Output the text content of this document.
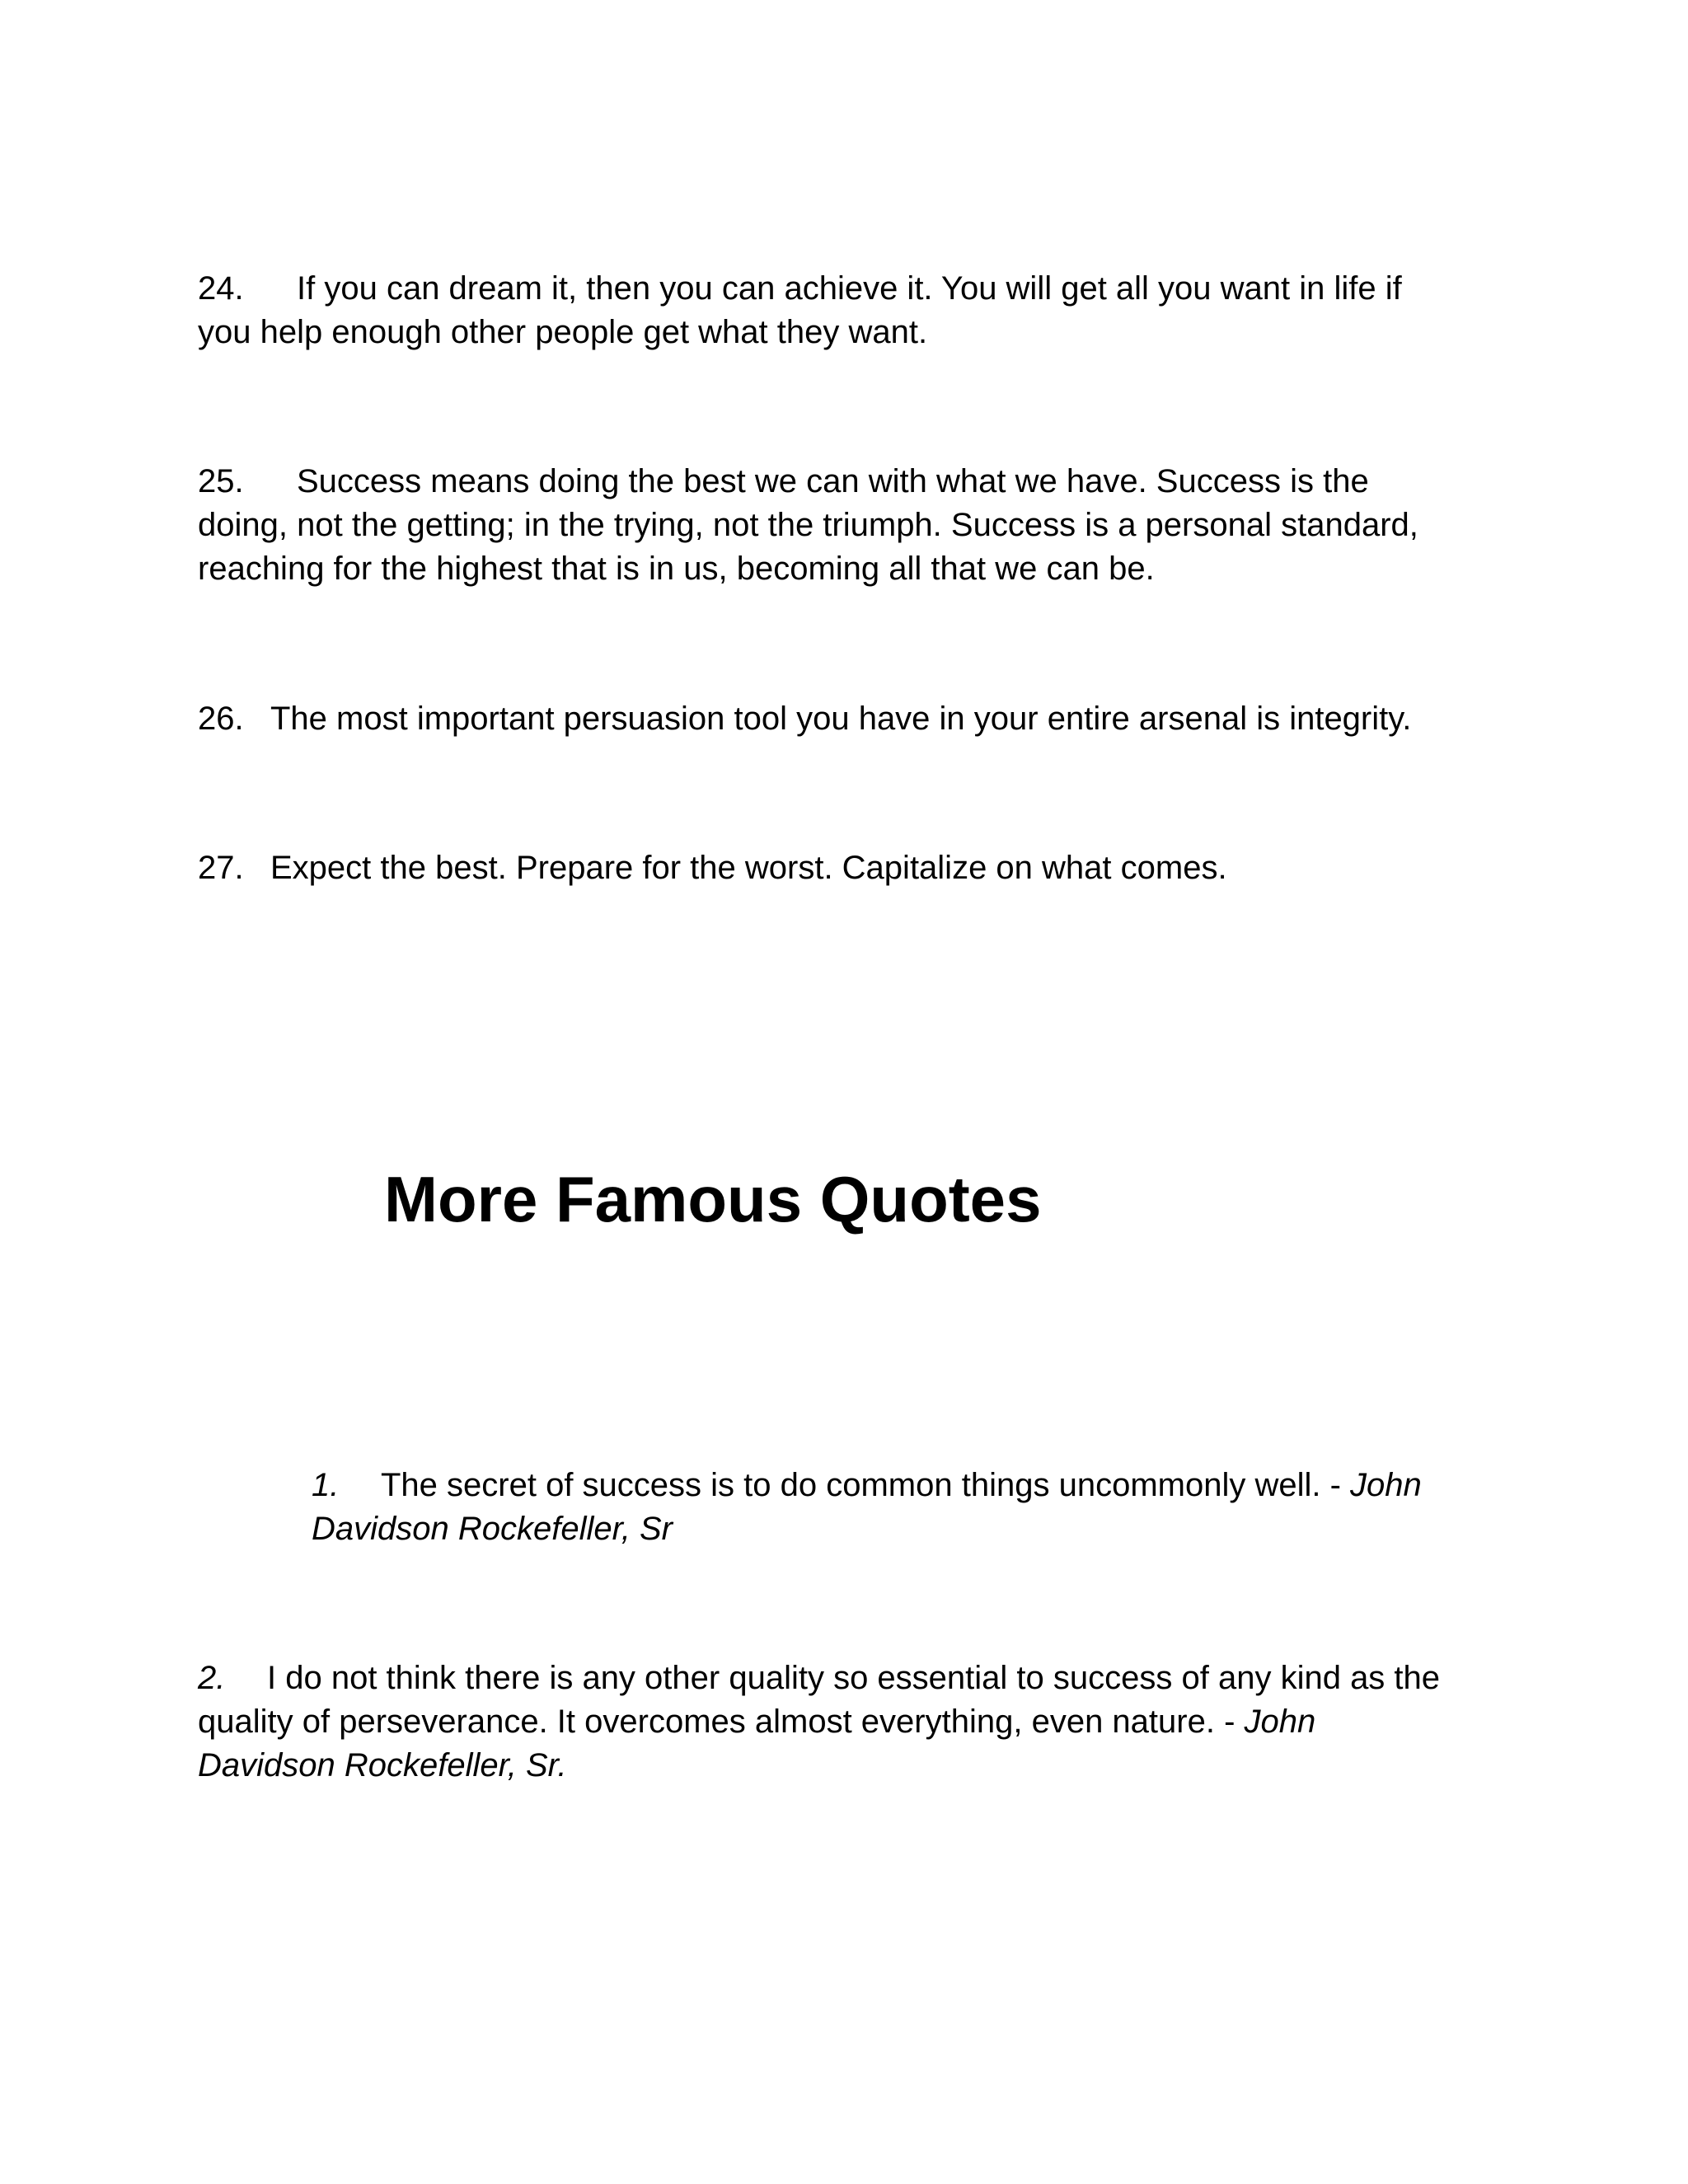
24. If you can dream it, then you can achieve it. You will get all you want in life if you help enough other people get what they want.

25. Success means doing the best we can with what we have. Success is the doing, not the getting; in the trying, not the triumph. Success is a personal standard, reaching for the highest that is in us, becoming all that we can be.

26. The most important persuasion tool you have in your entire arsenal is integrity.

27. Expect the best. Prepare for the worst. Capitalize on what comes.

More Famous Quotes

1. The secret of success is to do common things uncommonly well. - John Davidson Rockefeller, Sr

2. I do not think there is any other quality so essential to success of any kind as the quality of perseverance. It overcomes almost everything, even nature. - John Davidson Rockefeller, Sr.
